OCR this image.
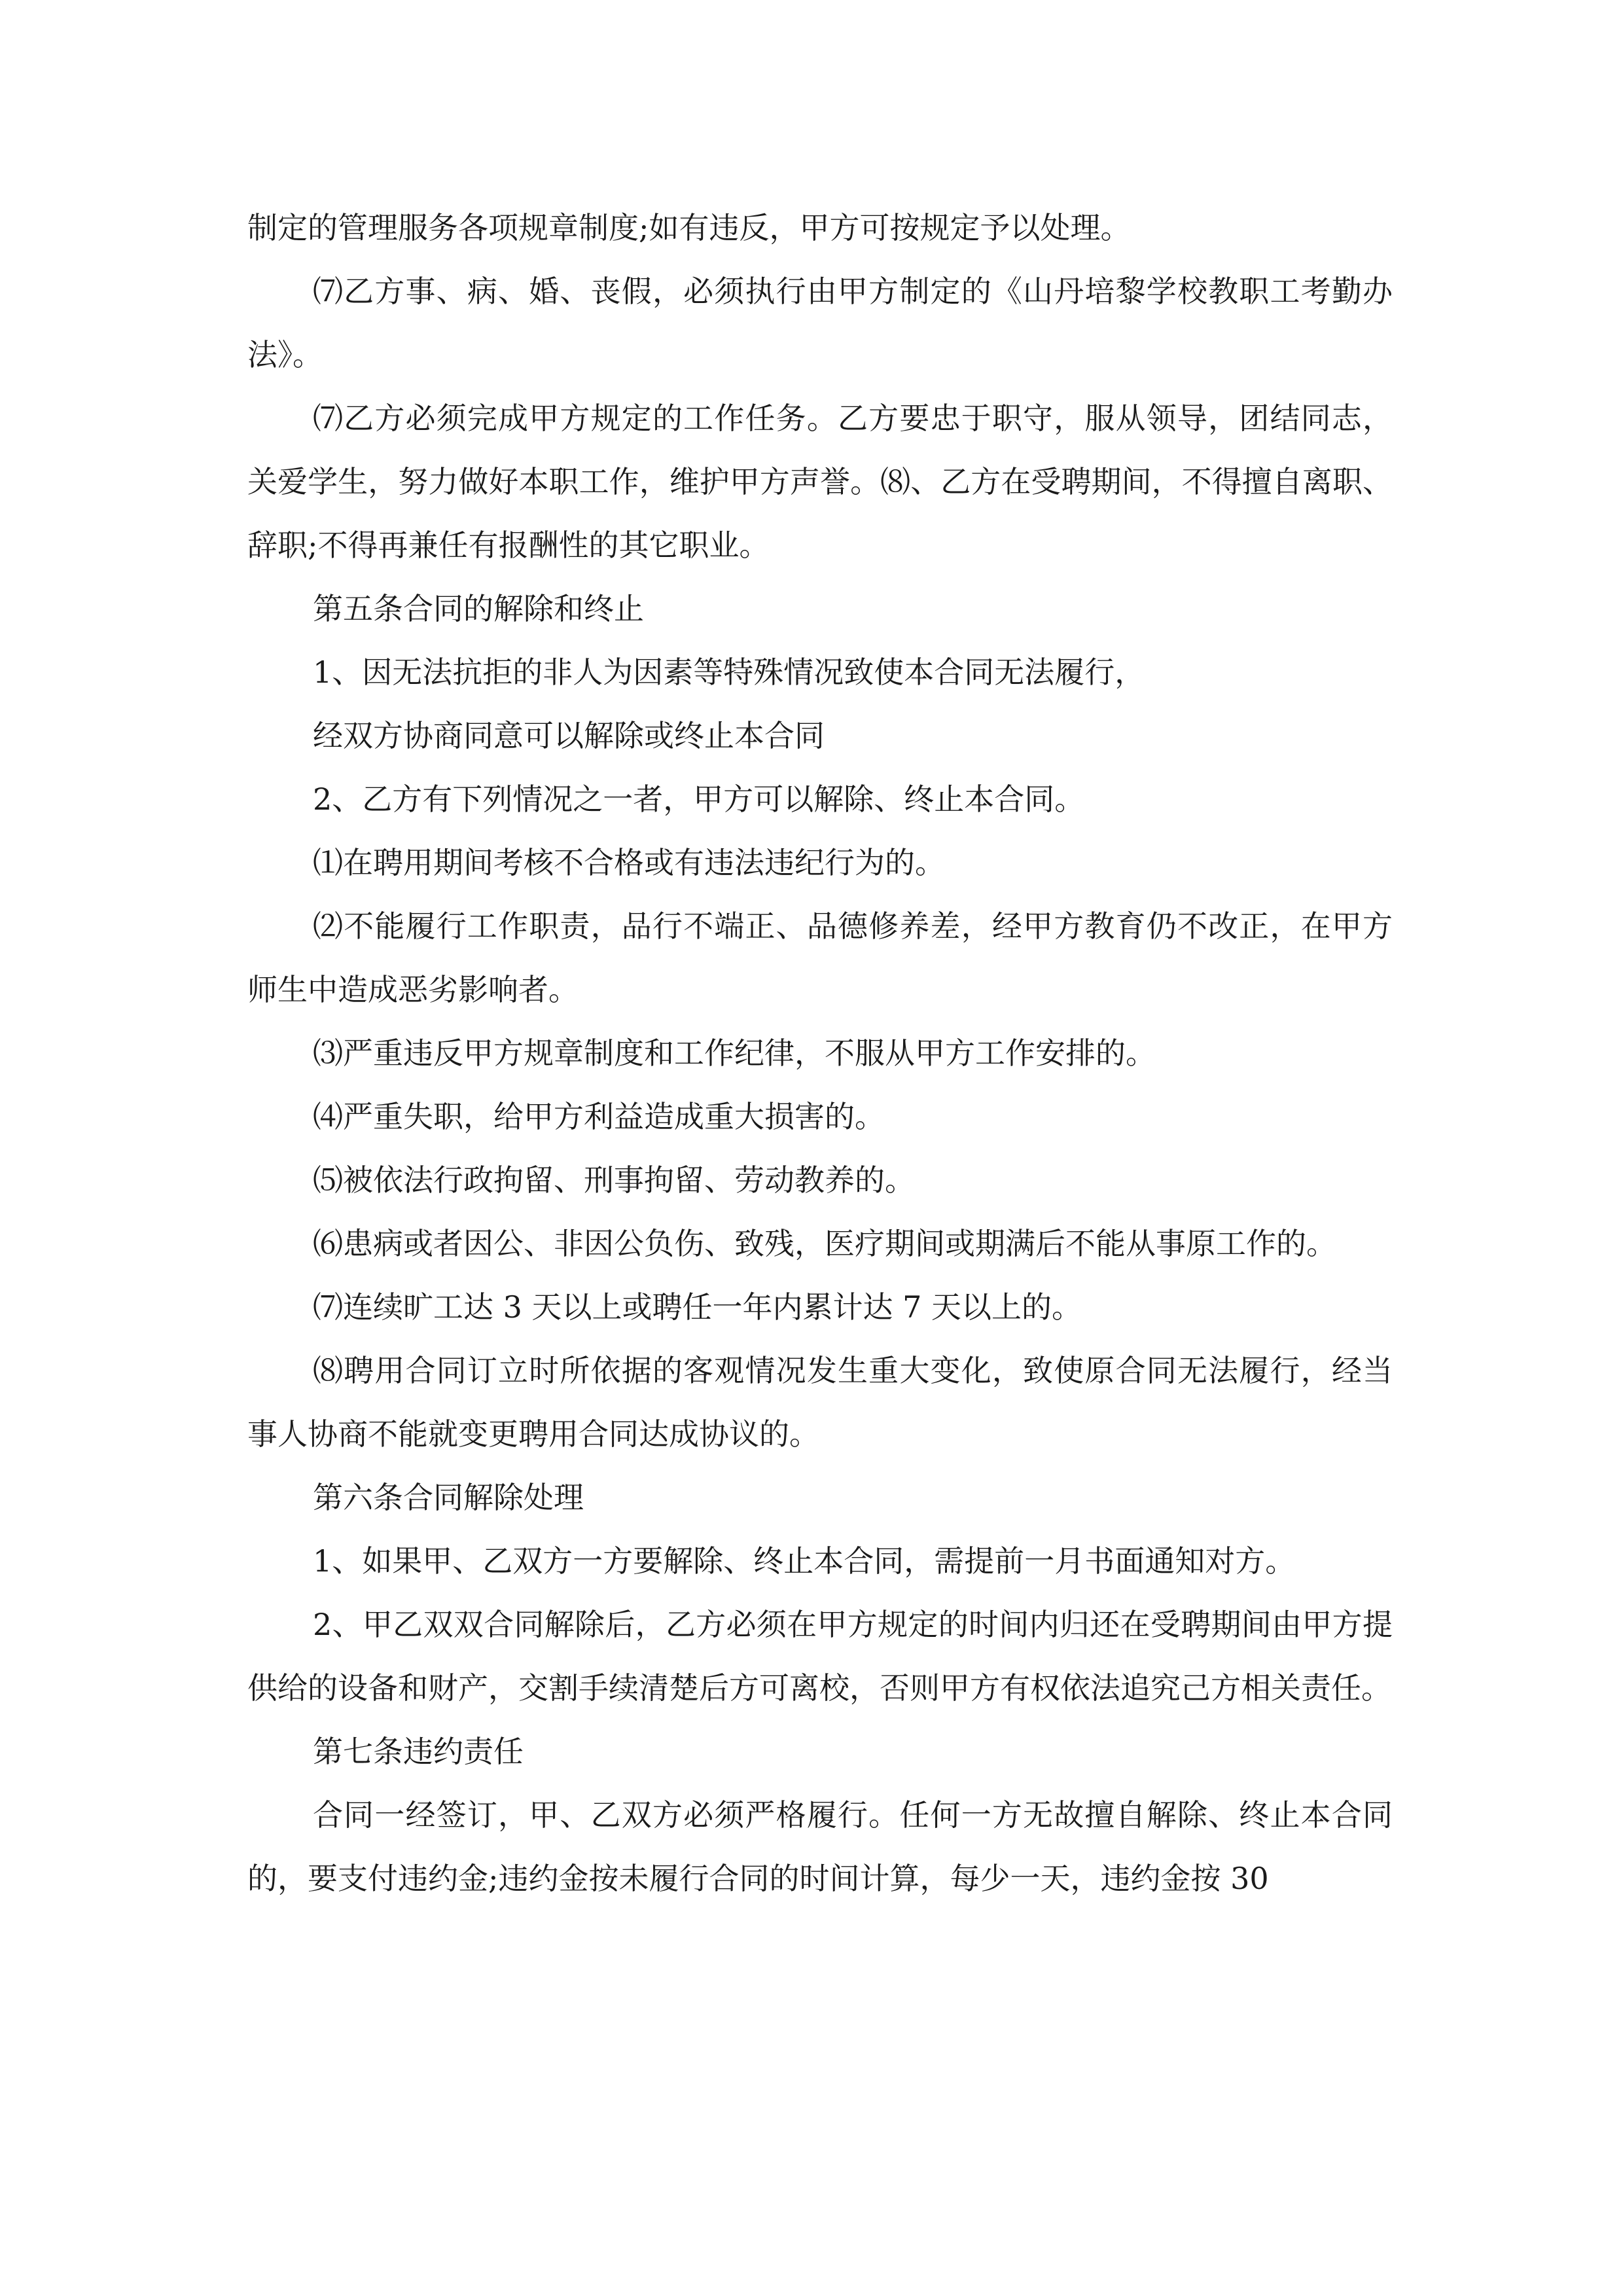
制定的管理服务各项规章制度;如有违反，甲方可按规定予以处理。

⑺乙方事、病、婚、丧假，必须执行由甲方制定的《山丹培黎学校教职工考勤办法》。

⑺乙方必须完成甲方规定的工作任务。乙方要忠于职守，服从领导，团结同志，关爱学生，努力做好本职工作，维护甲方声誉。⑻、乙方在受聘期间，不得擅自离职、辞职;不得再兼任有报酬性的其它职业。

第五条合同的解除和终止

1、因无法抗拒的非人为因素等特殊情况致使本合同无法履行，

经双方协商同意可以解除或终止本合同

2、乙方有下列情况之一者，甲方可以解除、终止本合同。

⑴在聘用期间考核不合格或有违法违纪行为的。

⑵不能履行工作职责，品行不端正、品德修养差，经甲方教育仍不改正，在甲方师生中造成恶劣影响者。

⑶严重违反甲方规章制度和工作纪律，不服从甲方工作安排的。

⑷严重失职，给甲方利益造成重大损害的。

⑸被依法行政拘留、刑事拘留、劳动教养的。

⑹患病或者因公、非因公负伤、致残，医疗期间或期满后不能从事原工作的。

⑺连续旷工达 3 天以上或聘任一年内累计达 7 天以上的。

⑻聘用合同订立时所依据的客观情况发生重大变化，致使原合同无法履行，经当事人协商不能就变更聘用合同达成协议的。

第六条合同解除处理

1、如果甲、乙双方一方要解除、终止本合同，需提前一月书面通知对方。

2、甲乙双双合同解除后，乙方必须在甲方规定的时间内归还在受聘期间由甲方提供给的设备和财产，交割手续清楚后方可离校，否则甲方有权依法追究己方相关责任。

第七条违约责任

合同一经签订，甲、乙双方必须严格履行。任何一方无故擅自解除、终止本合同的，要支付违约金;违约金按未履行合同的时间计算，每少一天，违约金按 30
